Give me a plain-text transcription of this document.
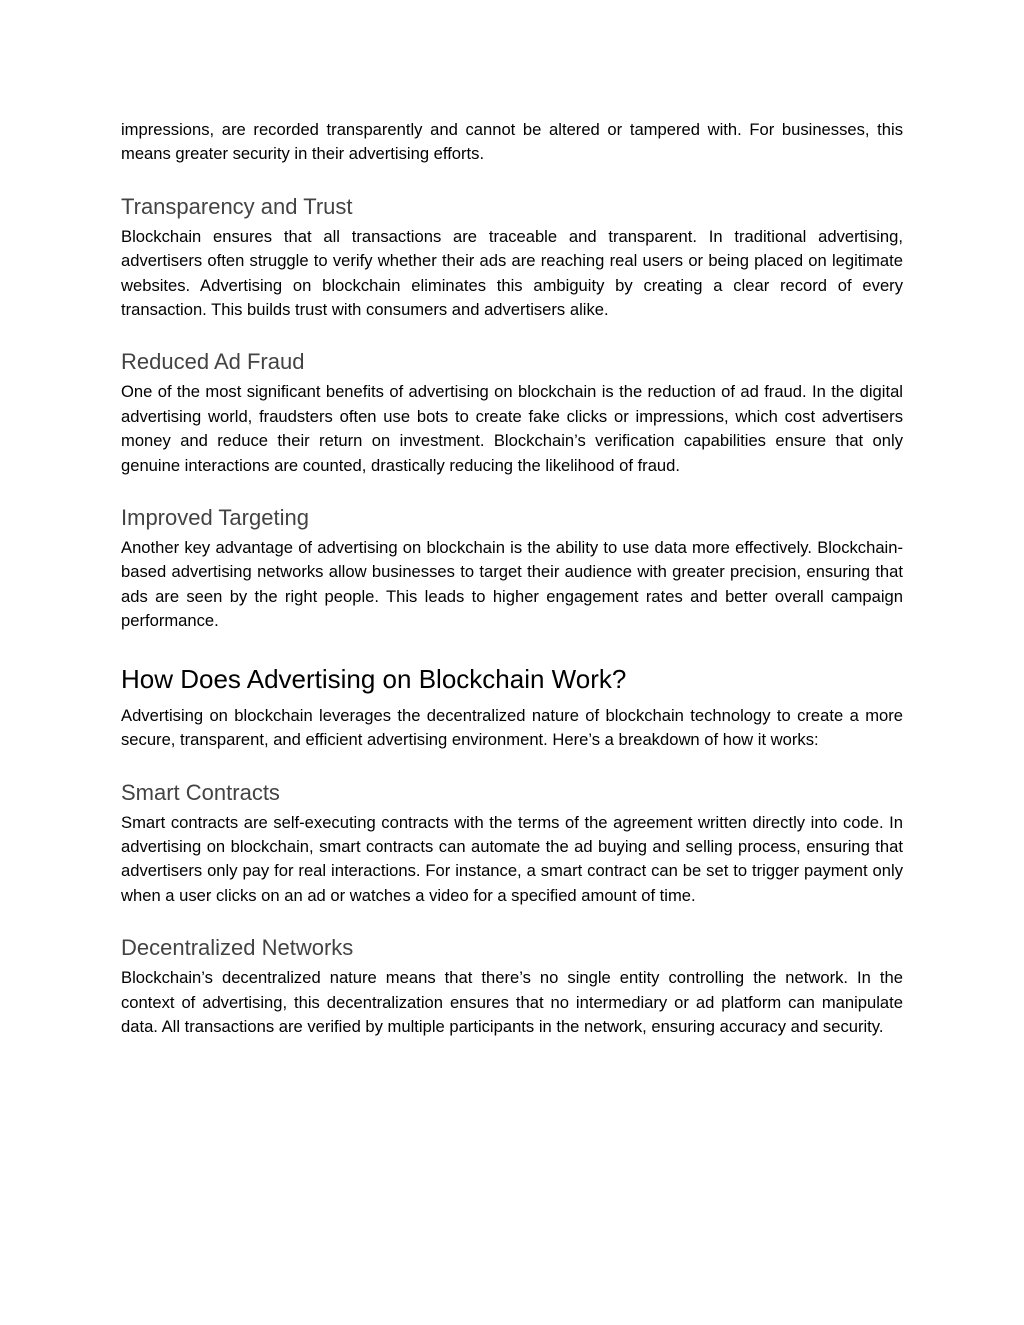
impressions, are recorded transparently and cannot be altered or tampered with. For businesses, this means greater security in their advertising efforts.

Transparency and Trust

Blockchain ensures that all transactions are traceable and transparent. In traditional advertising, advertisers often struggle to verify whether their ads are reaching real users or being placed on legitimate websites. Advertising on blockchain eliminates this ambiguity by creating a clear record of every transaction. This builds trust with consumers and advertisers alike.

Reduced Ad Fraud

One of the most significant benefits of advertising on blockchain is the reduction of ad fraud. In the digital advertising world, fraudsters often use bots to create fake clicks or impressions, which cost advertisers money and reduce their return on investment. Blockchain’s verification capabilities ensure that only genuine interactions are counted, drastically reducing the likelihood of fraud.

Improved Targeting

Another key advantage of advertising on blockchain is the ability to use data more effectively. Blockchain-based advertising networks allow businesses to target their audience with greater precision, ensuring that ads are seen by the right people. This leads to higher engagement rates and better overall campaign performance.

How Does Advertising on Blockchain Work?

Advertising on blockchain leverages the decentralized nature of blockchain technology to create a more secure, transparent, and efficient advertising environment. Here’s a breakdown of how it works:

Smart Contracts

Smart contracts are self-executing contracts with the terms of the agreement written directly into code. In advertising on blockchain, smart contracts can automate the ad buying and selling process, ensuring that advertisers only pay for real interactions. For instance, a smart contract can be set to trigger payment only when a user clicks on an ad or watches a video for a specified amount of time.

Decentralized Networks

Blockchain’s decentralized nature means that there’s no single entity controlling the network. In the context of advertising, this decentralization ensures that no intermediary or ad platform can manipulate data. All transactions are verified by multiple participants in the network, ensuring accuracy and security.
